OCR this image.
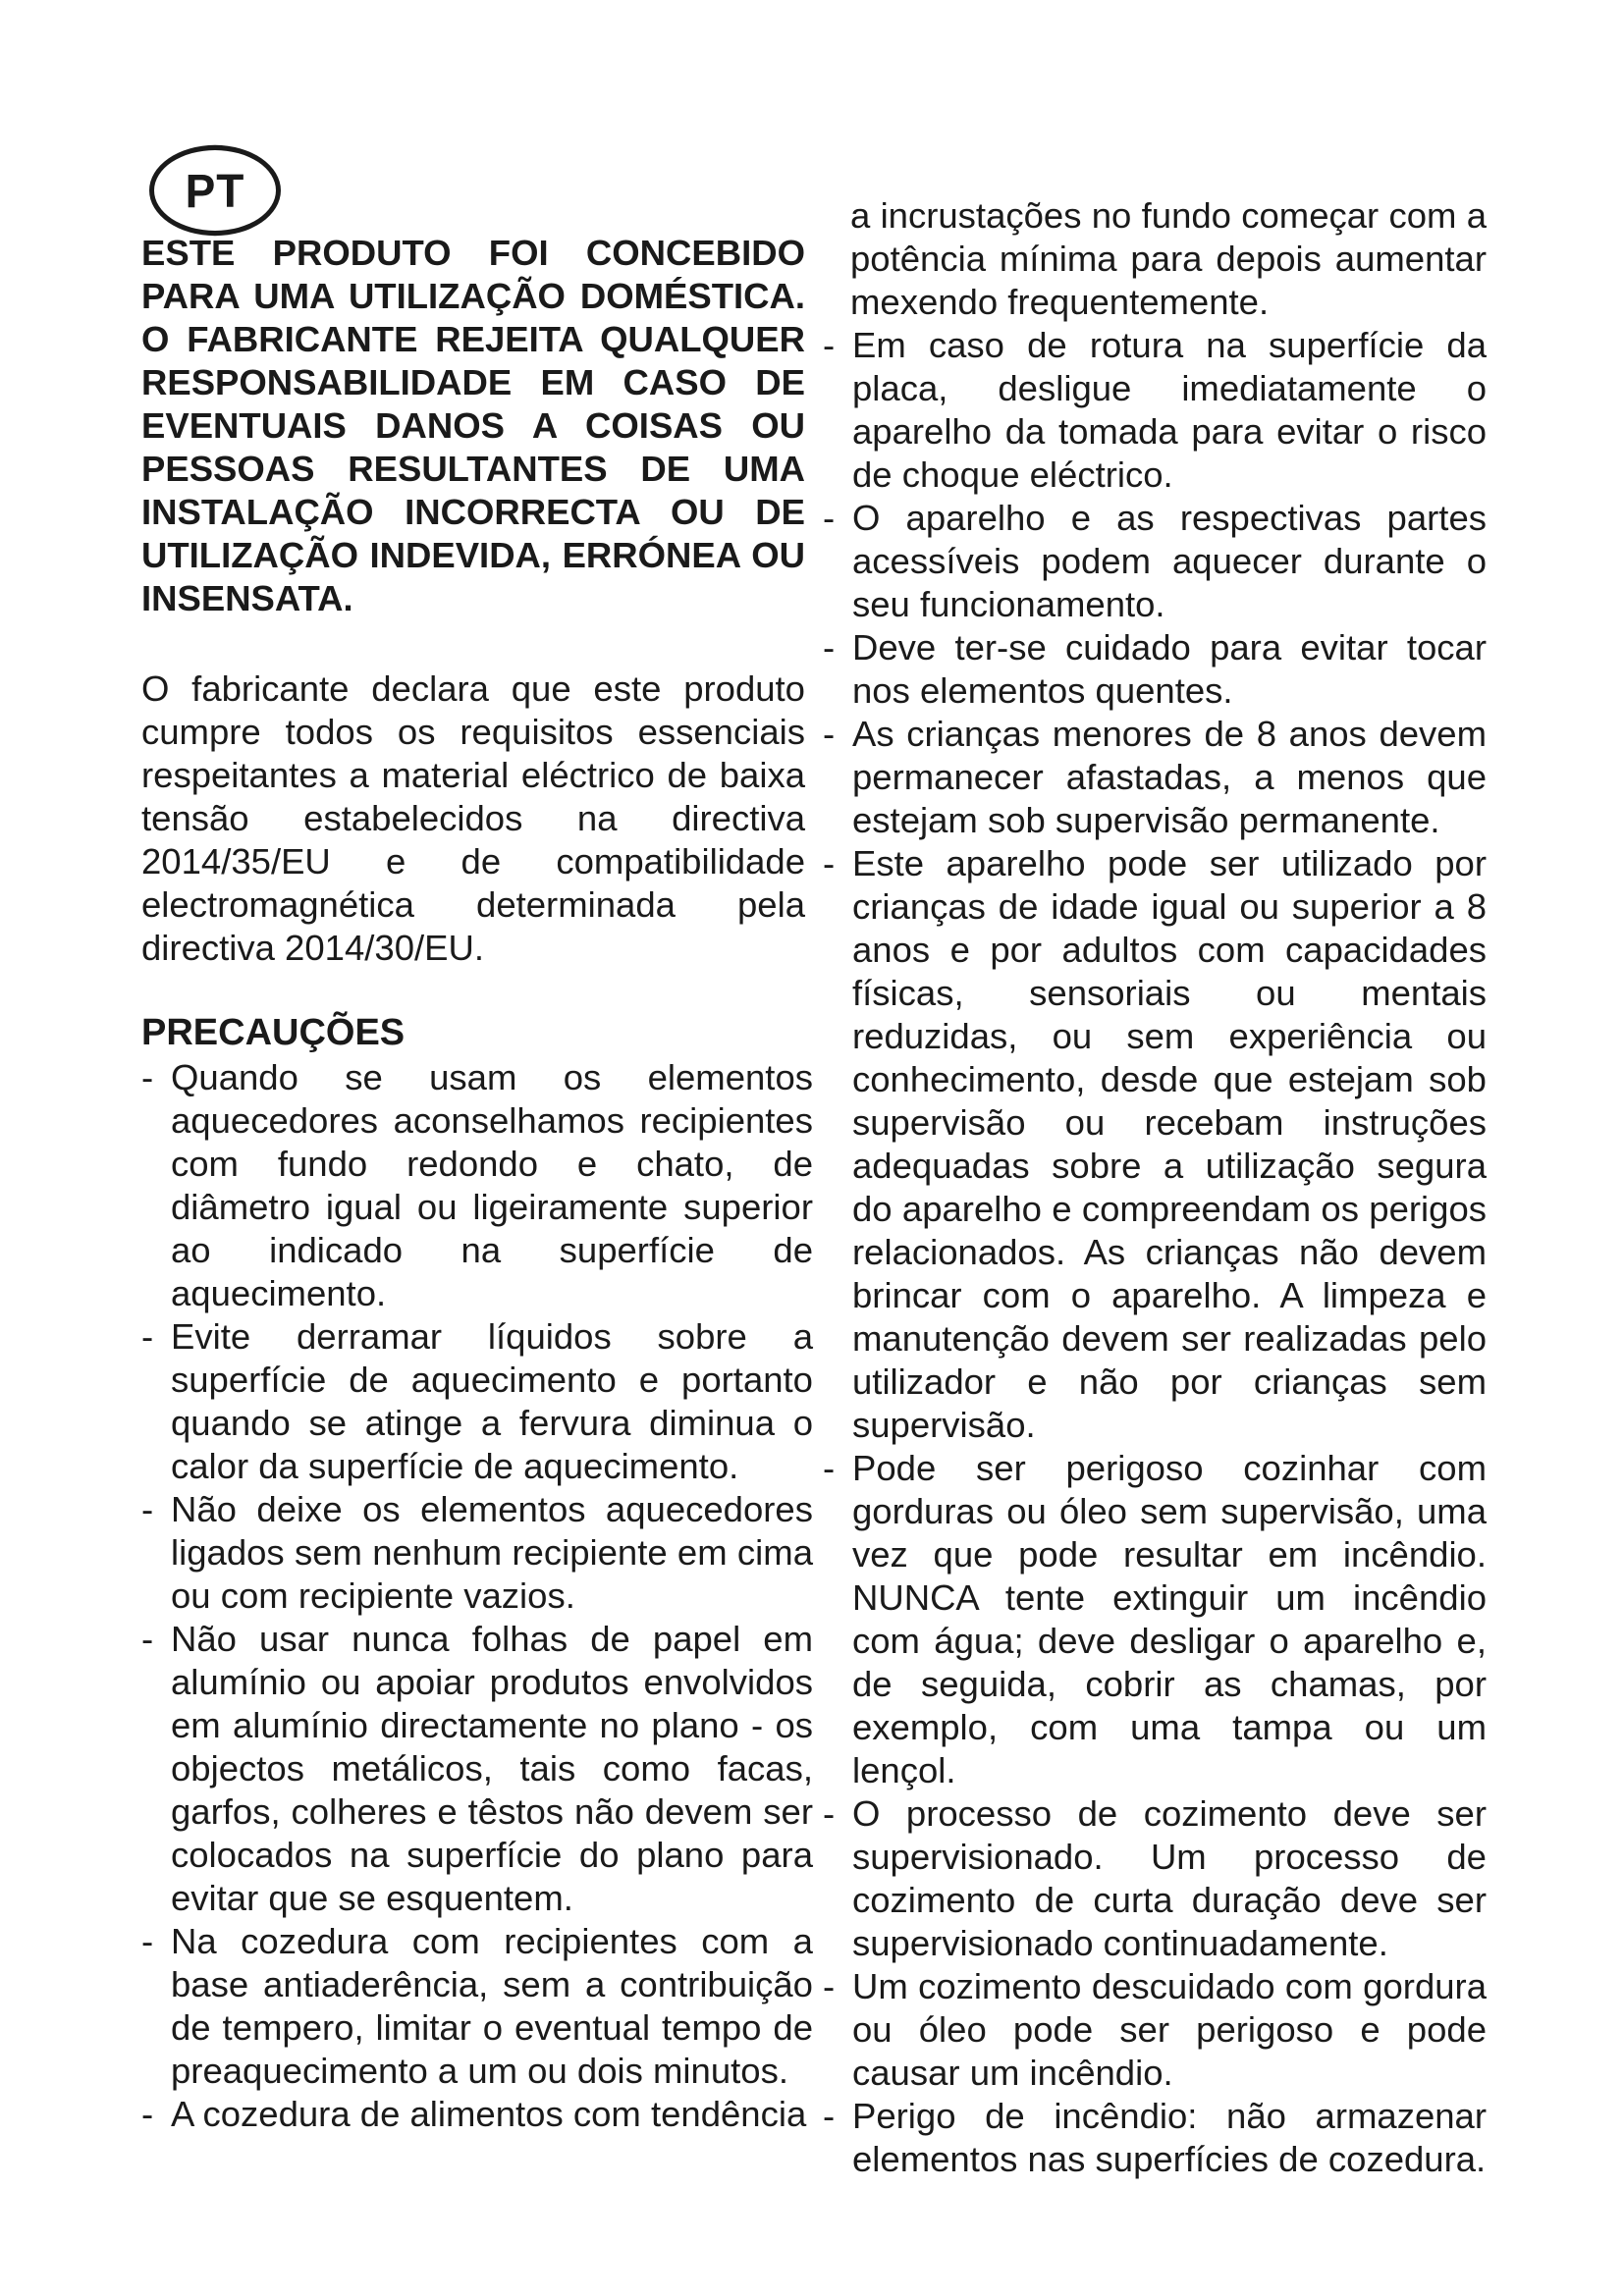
PT
ESTE PRODUTO FOI CONCEBIDO PARA UMA UTILIZAÇÃO DOMÉSTICA. O FABRICANTE REJEITA QUALQUER RESPONSABILIDADE EM CASO DE EVENTUAIS DANOS A COISAS OU PESSOAS RESULTANTES DE UMA INSTALAÇÃO INCORRECTA OU DE UTILIZAÇÃO INDEVIDA, ERRÓNEA OU INSENSATA.
O fabricante declara que este produto cumpre todos os requisitos essenciais respeitantes a material eléctrico de baixa tensão estabelecidos na directiva 2014/35/EU e de compatibilidade electromagnética determinada pela directiva 2014/30/EU.
PRECAUÇÕES
- Quando se usam os elementos aquecedores aconselhamos recipientes com fundo redondo e chato, de diâmetro igual ou ligeiramente superior ao indicado na superfície de aquecimento.
- Evite derramar líquidos sobre a superfície de aquecimento e portanto quando se atinge a fervura diminua o calor da superfície de aquecimento.
- Não deixe os elementos aquecedores ligados sem nenhum recipiente em cima ou com recipiente vazios.
- Não usar nunca folhas de papel em alumínio ou apoiar produtos envolvidos em alumínio directamente no plano - os objectos metálicos, tais como facas, garfos, colheres e têstos não devem ser colocados na superfície do plano para evitar que se esquentem.
- Na cozedura com recipientes com a base antiaderência, sem a contribuição de tempero, limitar o eventual tempo de preaquecimento a um ou dois minutos.
- A cozedura de alimentos com tendência
a incrustações no fundo começar com a potência mínima para depois aumentar mexendo frequentemente.
- Em caso de rotura na superfície da placa, desligue imediatamente o aparelho da tomada para evitar o risco de choque eléctrico.
- O aparelho e as respectivas partes acessíveis podem aquecer durante o seu funcionamento.
- Deve ter-se cuidado para evitar tocar nos elementos quentes.
- As crianças menores de 8 anos devem permanecer afastadas, a menos que estejam sob supervisão permanente.
- Este aparelho pode ser utilizado por crianças de idade igual ou superior a 8 anos e por adultos com capacidades físicas, sensoriais ou mentais reduzidas, ou sem experiência ou conhecimento, desde que estejam sob supervisão ou recebam instruções adequadas sobre a utilização segura do aparelho e compreendam os perigos relacionados. As crianças não devem brincar com o aparelho. A limpeza e manutenção devem ser realizadas pelo utilizador e não por crianças sem supervisão.
- Pode ser perigoso cozinhar com gorduras ou óleo sem supervisão, uma vez que pode resultar em incêndio. NUNCA tente extinguir um incêndio com água; deve desligar o aparelho e, de seguida, cobrir as chamas, por exemplo, com uma tampa ou um lençol.
- O processo de cozimento deve ser supervisionado. Um processo de cozimento de curta duração deve ser supervisionado continuadamente.
- Um cozimento descuidado com gordura ou óleo pode ser perigoso e pode causar um incêndio.
- Perigo de incêndio: não armazenar elementos nas superfícies de cozedura.
